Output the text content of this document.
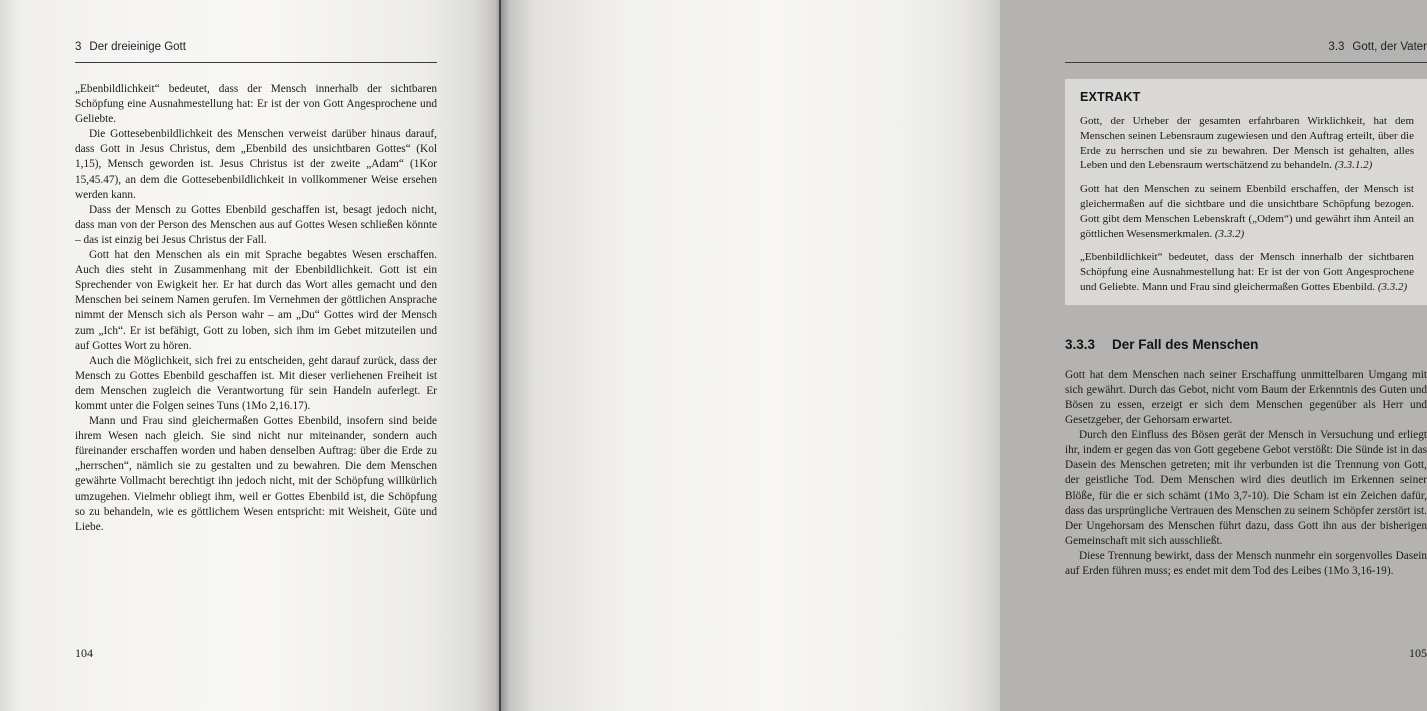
3 Der dreieinige Gott

„Ebenbildlichkeit“ bedeutet, dass der Mensch innerhalb der sichtbaren Schöpfung eine Ausnahmestellung hat: Er ist der von Gott Angesprochene und Geliebte.

Die Gottesebenbildlichkeit des Menschen verweist darüber hinaus darauf, dass Gott in Jesus Christus, dem „Ebenbild des unsichtbaren Gottes“ (Kol 1,15), Mensch geworden ist. Jesus Christus ist der zweite „Adam“ (1Kor 15,45.47), an dem die Gottesebenbildlichkeit in vollkommener Weise ersehen werden kann.

Dass der Mensch zu Gottes Ebenbild geschaffen ist, besagt jedoch nicht, dass man von der Person des Menschen aus auf Gottes Wesen schließen könnte – das ist einzig bei Jesus Christus der Fall.

Gott hat den Menschen als ein mit Sprache begabtes Wesen erschaffen. Auch dies steht in Zusammenhang mit der Ebenbildlichkeit. Gott ist ein Sprechender von Ewigkeit her. Er hat durch das Wort alles gemacht und den Menschen bei seinem Namen gerufen. Im Vernehmen der göttlichen Ansprache nimmt der Mensch sich als Person wahr – am „Du“ Gottes wird der Mensch zum „Ich“. Er ist befähigt, Gott zu loben, sich ihm im Gebet mitzuteilen und auf Gottes Wort zu hören.

Auch die Möglichkeit, sich frei zu entscheiden, geht darauf zurück, dass der Mensch zu Gottes Ebenbild geschaffen ist. Mit dieser verliehenen Freiheit ist dem Menschen zugleich die Verantwortung für sein Handeln auferlegt. Er kommt unter die Folgen seines Tuns (1Mo 2,16.17).

Mann und Frau sind gleichermaßen Gottes Ebenbild, insofern sind beide ihrem Wesen nach gleich. Sie sind nicht nur miteinander, sondern auch füreinander erschaffen worden und haben denselben Auftrag: über die Erde zu „herrschen“, nämlich sie zu gestalten und zu bewahren. Die dem Menschen gewährte Vollmacht berechtigt ihn jedoch nicht, mit der Schöpfung willkürlich umzugehen. Vielmehr obliegt ihm, weil er Gottes Ebenbild ist, die Schöpfung so zu behandeln, wie es göttlichem Wesen entspricht: mit Weisheit, Güte und Liebe.

104
3.3 Gott, der Vater
EXTRAKT

Gott, der Urheber der gesamten erfahrbaren Wirklichkeit, hat dem Menschen seinen Lebensraum zugewiesen und den Auftrag erteilt, über die Erde zu herrschen und sie zu bewahren. Der Mensch ist gehalten, alles Leben und den Lebensraum wertschätzend zu behandeln. (3.3.1.2)

Gott hat den Menschen zu seinem Ebenbild erschaffen, der Mensch ist gleichermaßen auf die sichtbare und die unsichtbare Schöpfung bezogen. Gott gibt dem Menschen Lebenskraft („Odem“) und gewährt ihm Anteil an göttlichen Wesensmerkmalen. (3.3.2)

„Ebenbildlichkeit“ bedeutet, dass der Mensch innerhalb der sichtbaren Schöpfung eine Ausnahmestellung hat: Er ist der von Gott Angesprochene und Geliebte. Mann und Frau sind gleichermaßen Gottes Ebenbild. (3.3.2)

3.3.3 Der Fall des Menschen

Gott hat dem Menschen nach seiner Erschaffung unmittelbaren Umgang mit sich gewährt. Durch das Gebot, nicht vom Baum der Erkenntnis des Guten und Bösen zu essen, erzeigt er sich dem Menschen gegenüber als Herr und Gesetzgeber, der Gehorsam erwartet.

Durch den Einfluss des Bösen gerät der Mensch in Versuchung und erliegt ihr, indem er gegen das von Gott gegebene Gebot verstößt: Die Sünde ist in das Dasein des Menschen getreten; mit ihr verbunden ist die Trennung von Gott, der geistliche Tod. Dem Menschen wird dies deutlich im Erkennen seiner Blöße, für die er sich schämt (1Mo 3,7-10). Die Scham ist ein Zeichen dafür, dass das ursprüngliche Vertrauen des Menschen zu seinem Schöpfer zerstört ist. Der Ungehorsam des Menschen führt dazu, dass Gott ihn aus der bisherigen Gemeinschaft mit sich ausschließt.

Diese Trennung bewirkt, dass der Mensch nunmehr ein sorgenvolles Dasein auf Erden führen muss; es endet mit dem Tod des Leibes (1Mo 3,16-19).

105
